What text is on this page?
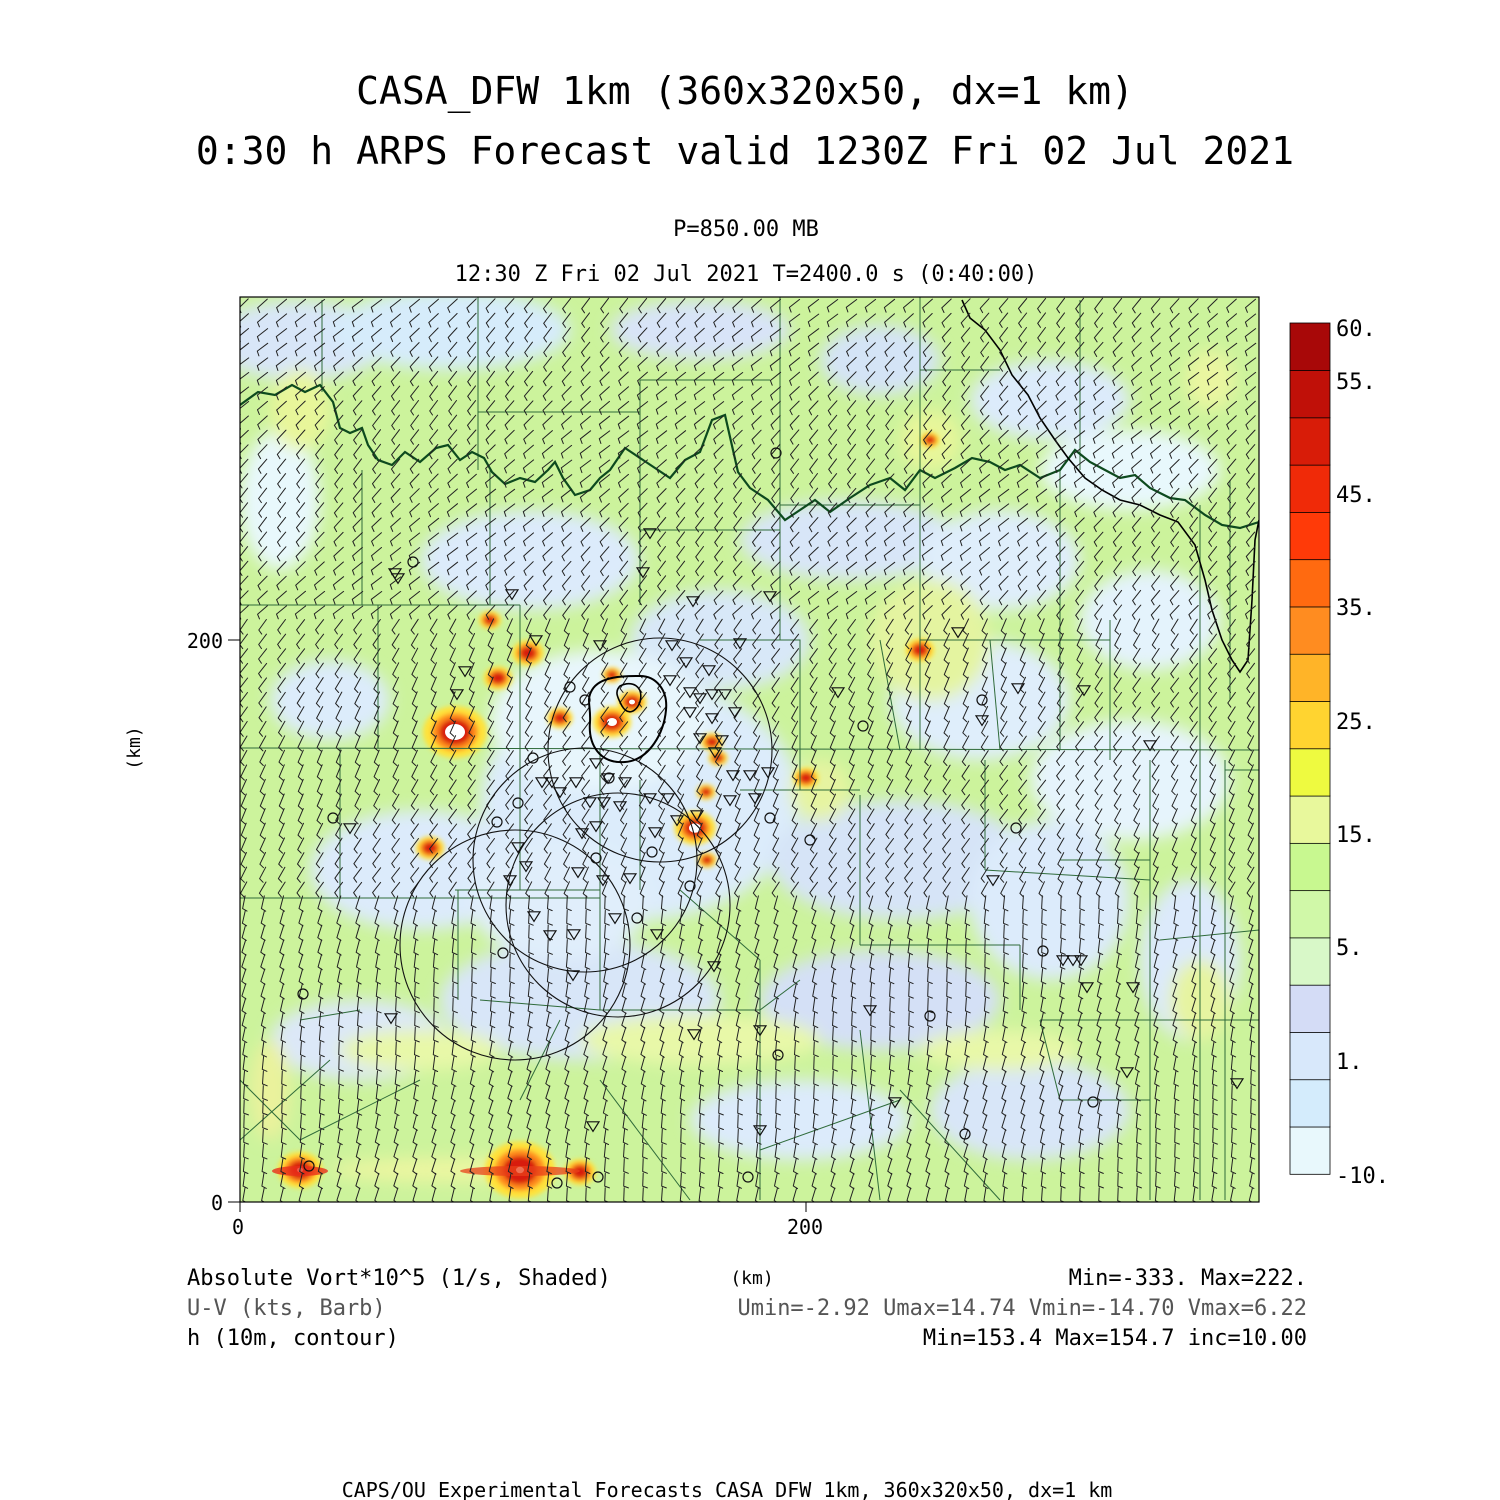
CASA_DFW 1km (360x320x50, dx=1 km)
0:30 h ARPS Forecast valid 1230Z Fri 02 Jul 2021
P=850.00 MB
12:30 Z Fri 02 Jul 2021 T=2400.0 s (0:40:00)
200
0
0	200
(km)
(km)
60.
55.
45.
35.
25.
15.
5.
1.
-10.
Absolute Vort*10^5 (1/s, Shaded)	Min=-333. Max=222.
U-V (kts, Barb)	Umin=-2.92 Umax=14.74 Vmin=-14.70 Vmax=6.22
h (10m, contour)	Min=153.4 Max=154.7 inc=10.00
CAPS/OU Experimental Forecasts CASA DFW 1km, 360x320x50, dx=1 km
